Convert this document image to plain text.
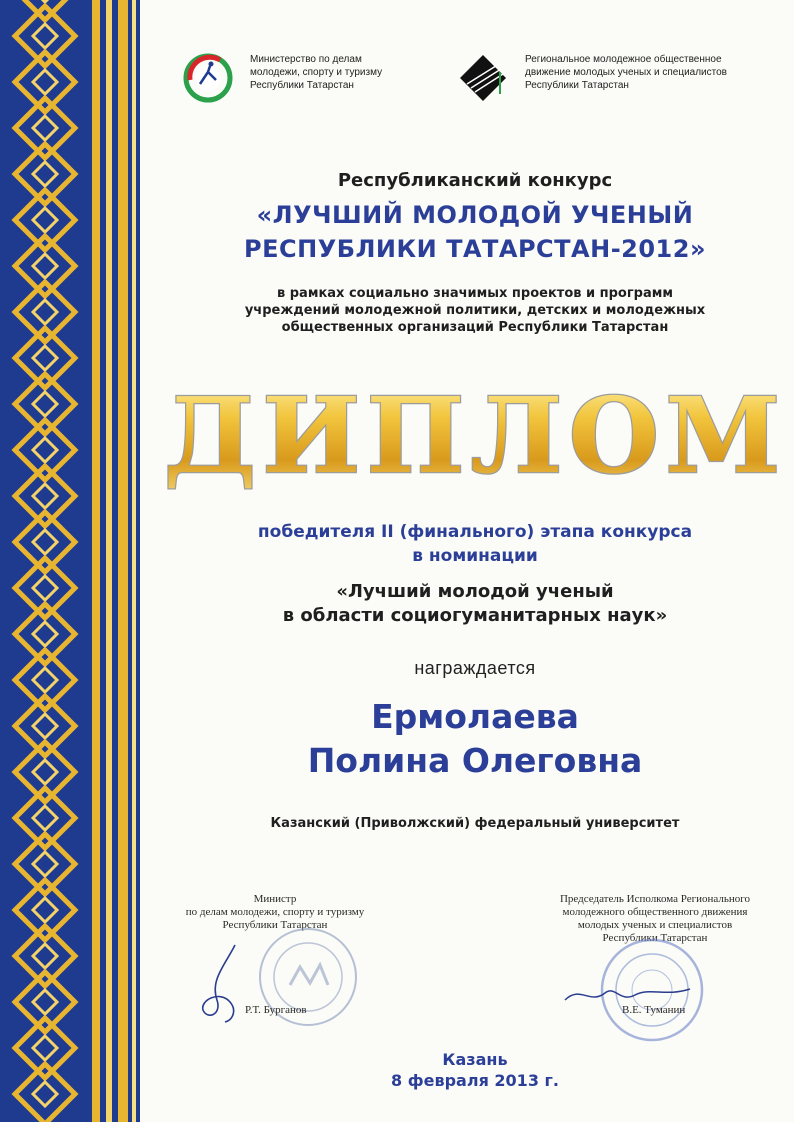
Министерство по делам
молодежи, спорту и туризму
Республики Татарстан
Региональное молодежное общественное
движение молодых ученых и специалистов
Республики Татарстан
Республиканский конкурс
«ЛУЧШИЙ МОЛОДОЙ УЧЕНЫЙ
РЕСПУБЛИКИ ТАТАРСТАН-2012»
в рамках социально значимых проектов и программ
учреждений молодежной политики, детских и молодежных
общественных организаций Республики Татарстан
ДИПЛОМ
победителя II (финального) этапа конкурса
в номинации
«Лучший молодой ученый
в области социогуманитарных наук»
награждается
Ермолаева
Полина Олеговна
Казанский (Приволжский) федеральный университет
Министр
по делам молодежи, спорту и туризму
Республики Татарстан
Председатель Исполкома Регионального
молодежного общественного движения
молодых ученых и специалистов
Республики Татарстан
Р.Т. Бурганов	В.Е. Туманин
Казань
8 февраля 2013 г.
